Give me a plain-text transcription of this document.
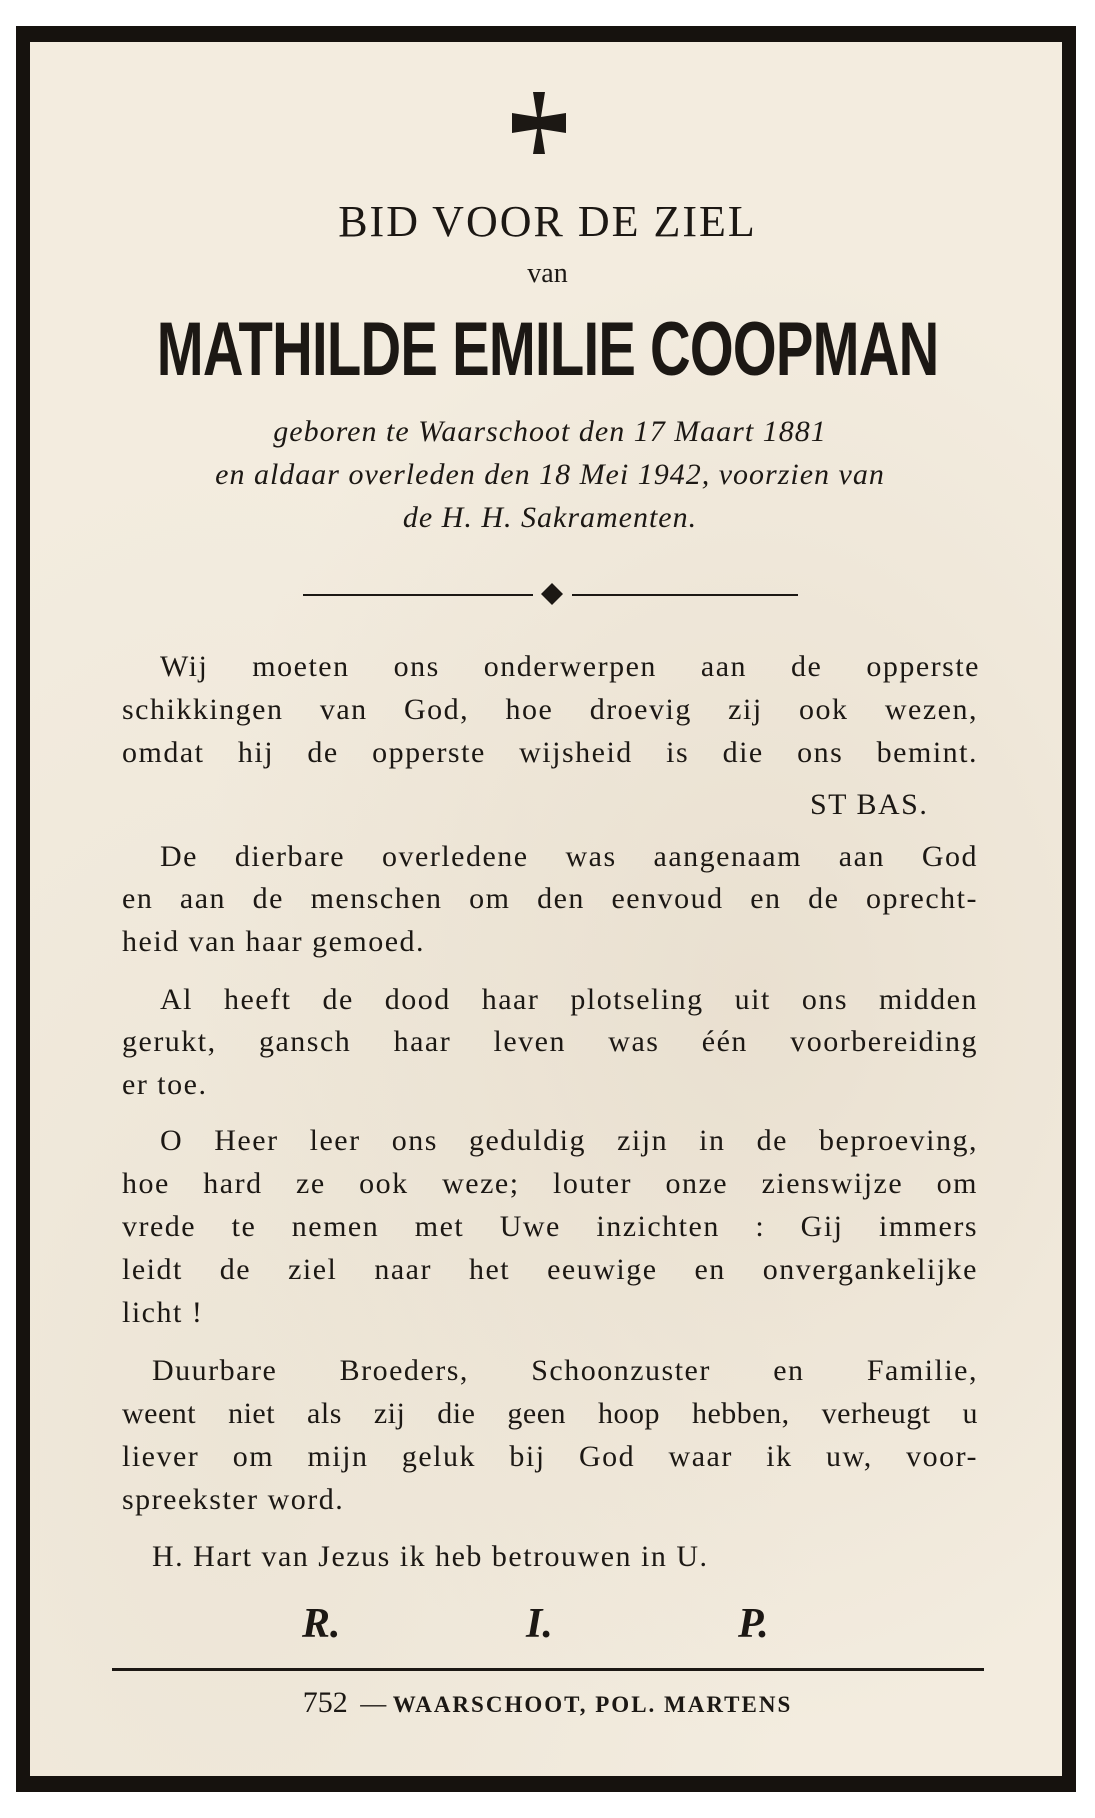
BID VOOR DE ZIEL
van
MATHILDE EMILIE COOPMAN
geboren te Waarschoot den 17 Maart 1881
en aldaar overleden den 18 Mei 1942, voorzien van
de H. H. Sakramenten.
Wij moeten ons onderwerpen aan de opperste
schikkingen van God, hoe droevig zij ook wezen,
omdat hij de opperste wijsheid is die ons bemint.
ST BAS.
De dierbare overledene was aangenaam aan God
en aan de menschen om den eenvoud en de oprecht-
heid van haar gemoed.
Al heeft de dood haar plotseling uit ons midden
gerukt, gansch haar leven was één voorbereiding
er toe.
O Heer leer ons geduldig zijn in de beproeving,
hoe hard ze ook weze; louter onze zienswijze om
vrede te nemen met Uwe inzichten : Gij immers
leidt de ziel naar het eeuwige en onvergankelijke
licht !
Duurbare Broeders, Schoonzuster en Familie,
weent niet als zij die geen hoop hebben, verheugt u
liever om mijn geluk bij God waar ik uw, voor-
spreekster word.
H. Hart van Jezus ik heb betrouwen in U.
R.	I.	P.
752 — WAARSCHOOT, POL. MARTENS
